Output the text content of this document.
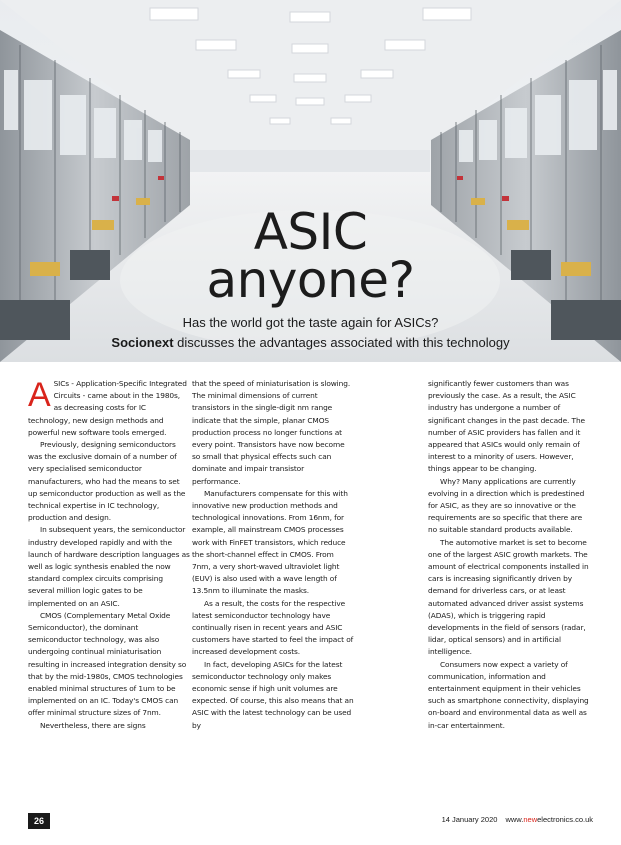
ASIC
anyone?

Has the world got the taste again for ASICs?

Socionext discusses the advantages associated with this technology

A SICs - Application-Specific Integrated Circuits - came about in the 1980s, as decreasing costs for IC technology, new design methods and powerful new software tools emerged.

Previously, designing semiconductors was the exclusive domain of a number of very specialised semiconductor manufacturers, who had the means to set up semiconductor production as well as the technical expertise in IC technology, production and design.

In subsequent years, the semiconductor industry developed rapidly and with the launch of hardware description languages as well as logic synthesis enabled the now standard complex circuits comprising several million logic gates to be implemented on an ASIC.

CMOS (Complementary Metal Oxide Semiconductor), the dominant semiconductor technology, was also undergoing continual miniaturisation resulting in increased integration density so that by the mid-1980s, CMOS technologies enabled minimal structures of 1um to be implemented on an IC. Today's CMOS can offer minimal structure sizes of 7nm.

Nevertheless, there are signs

that the speed of miniaturisation is slowing. The minimal dimensions of current transistors in the single-digit nm range indicate that the simple, planar CMOS production process no longer functions at every point. Transistors have now become so small that physical effects such can dominate and impair transistor performance.

Manufacturers compensate for this with innovative new production methods and technological innovations. From 16nm, for example, all mainstream CMOS processes work with FinFET transistors, which reduce the short-channel effect in CMOS. From 7nm, a very short-waved ultraviolet light (EUV) is also used with a wave length of 13.5nm to illuminate the masks.

As a result, the costs for the respective latest semiconductor technology have continually risen in recent years and ASIC customers have started to feel the impact of increased development costs.

In fact, developing ASICs for the latest semiconductor technology only makes economic sense if high unit volumes are expected. Of course, this also means that an ASIC with the latest technology can be used by

significantly fewer customers than was previously the case. As a result, the ASIC industry has undergone a number of significant changes in the past decade. The number of ASIC providers has fallen and it appeared that ASICs would only remain of interest to a minority of users. However, things appear to be changing.

Why? Many applications are currently evolving in a direction which is predestined for ASIC, as they are so innovative or the requirements are so specific that there are no suitable standard products available.

The automotive market is set to become one of the largest ASIC growth markets. The amount of electrical components installed in cars is increasing significantly driven by demand for driverless cars, or at least automated advanced driver assist systems (ADAS), which is triggering rapid developments in the field of sensors (radar, lidar, optical sensors) and in artificial intelligence.

Consumers now expect a variety of communication, information and entertainment equipment in their vehicles such as smartphone connectivity, displaying on-board and environmental data as well as in-car entertainment.

26	14 January 2020 www.newelectronics.co.uk
